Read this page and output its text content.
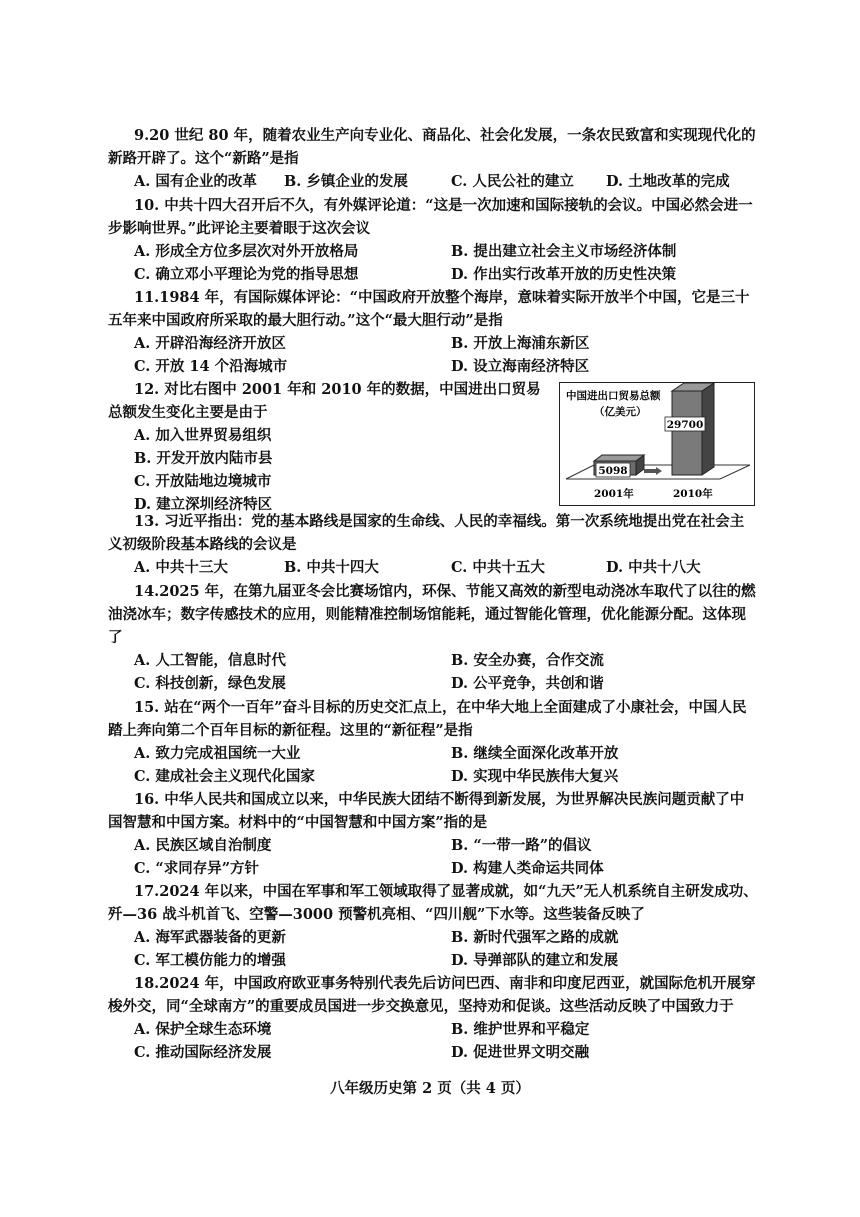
9.20 世纪 80 年，随着农业生产向专业化、商品化、社会化发展，一条农民致富和实现现代化的新路开辟了。这个“新路”是指
A. 国有企业的改革 B. 乡镇企业的发展	C. 人民公社的建立 D. 土地改革的完成
10. 中共十四大召开后不久，有外媒评论道：“这是一次加速和国际接轨的会议。中国必然会进一步影响世界。”此评论主要着眼于这次会议
A. 形成全方位多层次对外开放格局	B. 提出建立社会主义市场经济体制
C. 确立邓小平理论为党的指导思想	D. 作出实行改革开放的历史性决策
11.1984 年，有国际媒体评论：“中国政府开放整个海岸，意味着实际开放半个中国，它是三十五年来中国政府所采取的最大胆行动。”这个“最大胆行动”是指
A. 开辟沿海经济开放区	B. 开放上海浦东新区
C. 开放 14 个沿海城市	D. 设立海南经济特区
12. 对比右图中 2001 年和 2010 年的数据，中国进出口贸易总额发生变化主要是由于
A. 加入世界贸易组织
B. 开发开放内陆市县
C. 开放陆地边境城市
D. 建立深圳经济特区
中国进出口贸易总额
（亿美元）
5098
29700
2001年	2010年
13. 习近平指出：党的基本路线是国家的生命线、人民的幸福线。第一次系统地提出党在社会主义初级阶段基本路线的会议是
A. 中共十三大	B. 中共十四大	C. 中共十五大	D. 中共十八大
14.2025 年，在第九届亚冬会比赛场馆内，环保、节能又高效的新型电动浇冰车取代了以往的燃油浇冰车；数字传感技术的应用，则能精准控制场馆能耗，通过智能化管理，优化能源分配。这体现了
A. 人工智能，信息时代	B. 安全办赛，合作交流
C. 科技创新，绿色发展	D. 公平竞争，共创和谐
15. 站在“两个一百年”奋斗目标的历史交汇点上，在中华大地上全面建成了小康社会，中国人民踏上奔向第二个百年目标的新征程。这里的“新征程”是指
A. 致力完成祖国统一大业	B. 继续全面深化改革开放
C. 建成社会主义现代化国家	D. 实现中华民族伟大复兴
16. 中华人民共和国成立以来，中华民族大团结不断得到新发展，为世界解决民族问题贡献了中国智慧和中国方案。材料中的“中国智慧和中国方案”指的是
A. 民族区域自治制度	B. “一带一路”的倡议
C. “求同存异”方针	D. 构建人类命运共同体
17.2024 年以来，中国在军事和军工领域取得了显著成就，如“九天”无人机系统自主研发成功、歼—36 战斗机首飞、空警—3000 预警机亮相、“四川舰”下水等。这些装备反映了
A. 海军武器装备的更新	B. 新时代强军之路的成就
C. 军工模仿能力的增强	D. 导弹部队的建立和发展
18.2024 年，中国政府欧亚事务特别代表先后访问巴西、南非和印度尼西亚，就国际危机开展穿梭外交，同“全球南方”的重要成员国进一步交换意见，坚持劝和促谈。这些活动反映了中国致力于
A. 保护全球生态环境	B. 维护世界和平稳定
C. 推动国际经济发展	D. 促进世界文明交融
八年级历史第 2 页（共 4 页）
